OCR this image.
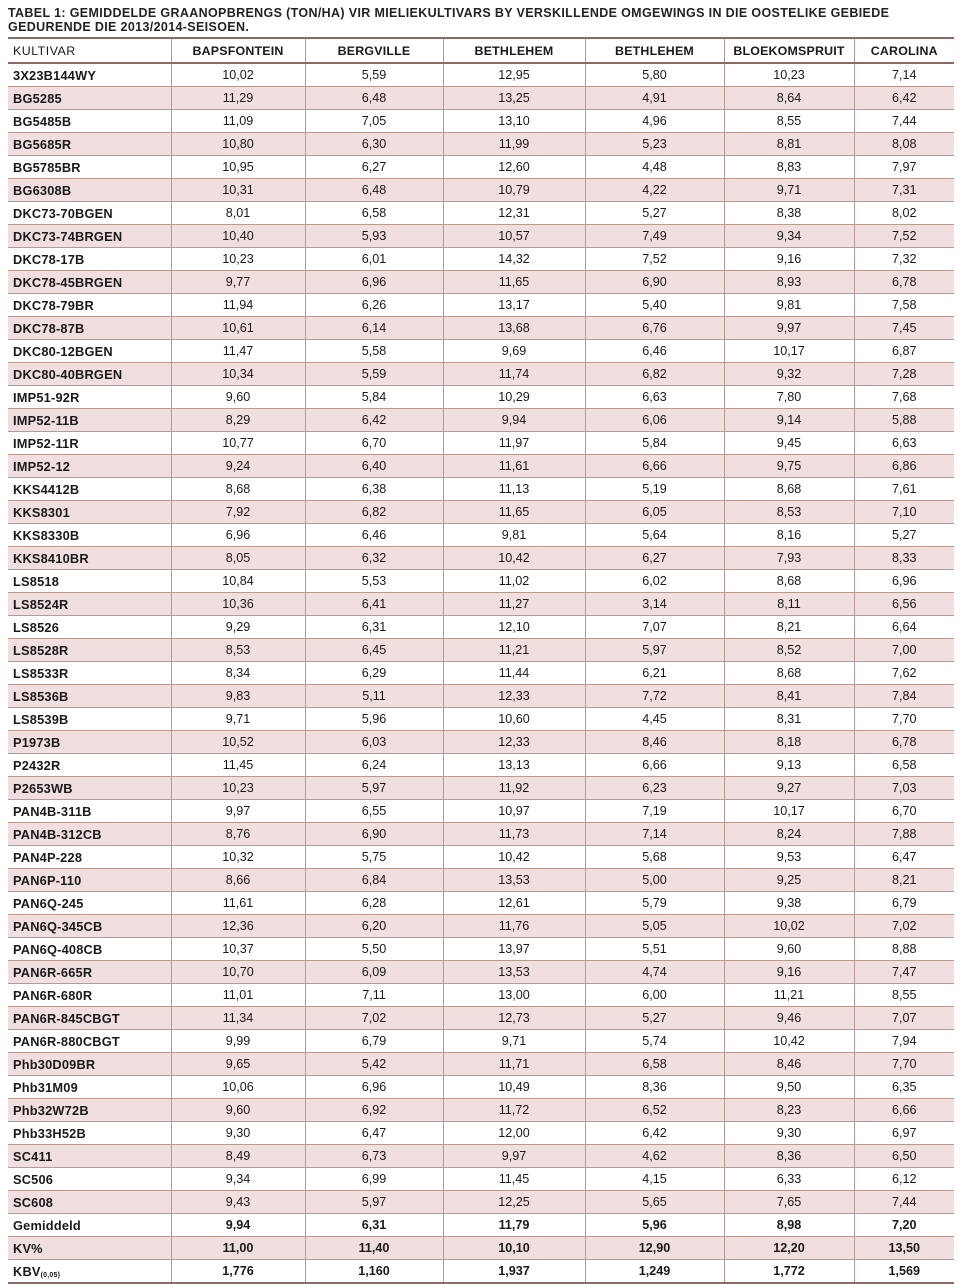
TABEL 1: GEMIDDELDE GRAANOPBRENGS (TON/HA) VIR MIELIEKULTIVARS BY VERSKILLENDE OMGEWINGS IN DIE OOSTELIKE GEBIEDE GEDURENDE DIE 2013/2014-SEISOEN.
KULTIVAR	BAPSFONTEIN	BERGVILLE	BETHLEHEM	BETHLEHEM	BLOEKOMSPRUIT	CAROLINA
3X23B144WY	10,02	5,59	12,95	5,80	10,23	7,14
BG5285	11,29	6,48	13,25	4,91	8,64	6,42
BG5485B	11,09	7,05	13,10	4,96	8,55	7,44
BG5685R	10,80	6,30	11,99	5,23	8,81	8,08
BG5785BR	10,95	6,27	12,60	4,48	8,83	7,97
BG6308B	10,31	6,48	10,79	4,22	9,71	7,31
DKC73-70BGEN	8,01	6,58	12,31	5,27	8,38	8,02
DKC73-74BRGEN	10,40	5,93	10,57	7,49	9,34	7,52
DKC78-17B	10,23	6,01	14,32	7,52	9,16	7,32
DKC78-45BRGEN	9,77	6,96	11,65	6,90	8,93	6,78
DKC78-79BR	11,94	6,26	13,17	5,40	9,81	7,58
DKC78-87B	10,61	6,14	13,68	6,76	9,97	7,45
DKC80-12BGEN	11,47	5,58	9,69	6,46	10,17	6,87
DKC80-40BRGEN	10,34	5,59	11,74	6,82	9,32	7,28
IMP51-92R	9,60	5,84	10,29	6,63	7,80	7,68
IMP52-11B	8,29	6,42	9,94	6,06	9,14	5,88
IMP52-11R	10,77	6,70	11,97	5,84	9,45	6,63
IMP52-12	9,24	6,40	11,61	6,66	9,75	6,86
KKS4412B	8,68	6,38	11,13	5,19	8,68	7,61
KKS8301	7,92	6,82	11,65	6,05	8,53	7,10
KKS8330B	6,96	6,46	9,81	5,64	8,16	5,27
KKS8410BR	8,05	6,32	10,42	6,27	7,93	8,33
LS8518	10,84	5,53	11,02	6,02	8,68	6,96
LS8524R	10,36	6,41	11,27	3,14	8,11	6,56
LS8526	9,29	6,31	12,10	7,07	8,21	6,64
LS8528R	8,53	6,45	11,21	5,97	8,52	7,00
LS8533R	8,34	6,29	11,44	6,21	8,68	7,62
LS8536B	9,83	5,11	12,33	7,72	8,41	7,84
LS8539B	9,71	5,96	10,60	4,45	8,31	7,70
P1973B	10,52	6,03	12,33	8,46	8,18	6,78
P2432R	11,45	6,24	13,13	6,66	9,13	6,58
P2653WB	10,23	5,97	11,92	6,23	9,27	7,03
PAN4B-311B	9,97	6,55	10,97	7,19	10,17	6,70
PAN4B-312CB	8,76	6,90	11,73	7,14	8,24	7,88
PAN4P-228	10,32	5,75	10,42	5,68	9,53	6,47
PAN6P-110	8,66	6,84	13,53	5,00	9,25	8,21
PAN6Q-245	11,61	6,28	12,61	5,79	9,38	6,79
PAN6Q-345CB	12,36	6,20	11,76	5,05	10,02	7,02
PAN6Q-408CB	10,37	5,50	13,97	5,51	9,60	8,88
PAN6R-665R	10,70	6,09	13,53	4,74	9,16	7,47
PAN6R-680R	11,01	7,11	13,00	6,00	11,21	8,55
PAN6R-845CBGT	11,34	7,02	12,73	5,27	9,46	7,07
PAN6R-880CBGT	9,99	6,79	9,71	5,74	10,42	7,94
Phb30D09BR	9,65	5,42	11,71	6,58	8,46	7,70
Phb31M09	10,06	6,96	10,49	8,36	9,50	6,35
Phb32W72B	9,60	6,92	11,72	6,52	8,23	6,66
Phb33H52B	9,30	6,47	12,00	6,42	9,30	6,97
SC411	8,49	6,73	9,97	4,62	8,36	6,50
SC506	9,34	6,99	11,45	4,15	6,33	6,12
SC608	9,43	5,97	12,25	5,65	7,65	7,44
Gemiddeld	9,94	6,31	11,79	5,96	8,98	7,20
KV%	11,00	11,40	10,10	12,90	12,20	13,50
KBV(0,05)	1,776	1,160	1,937	1,249	1,772	1,569
